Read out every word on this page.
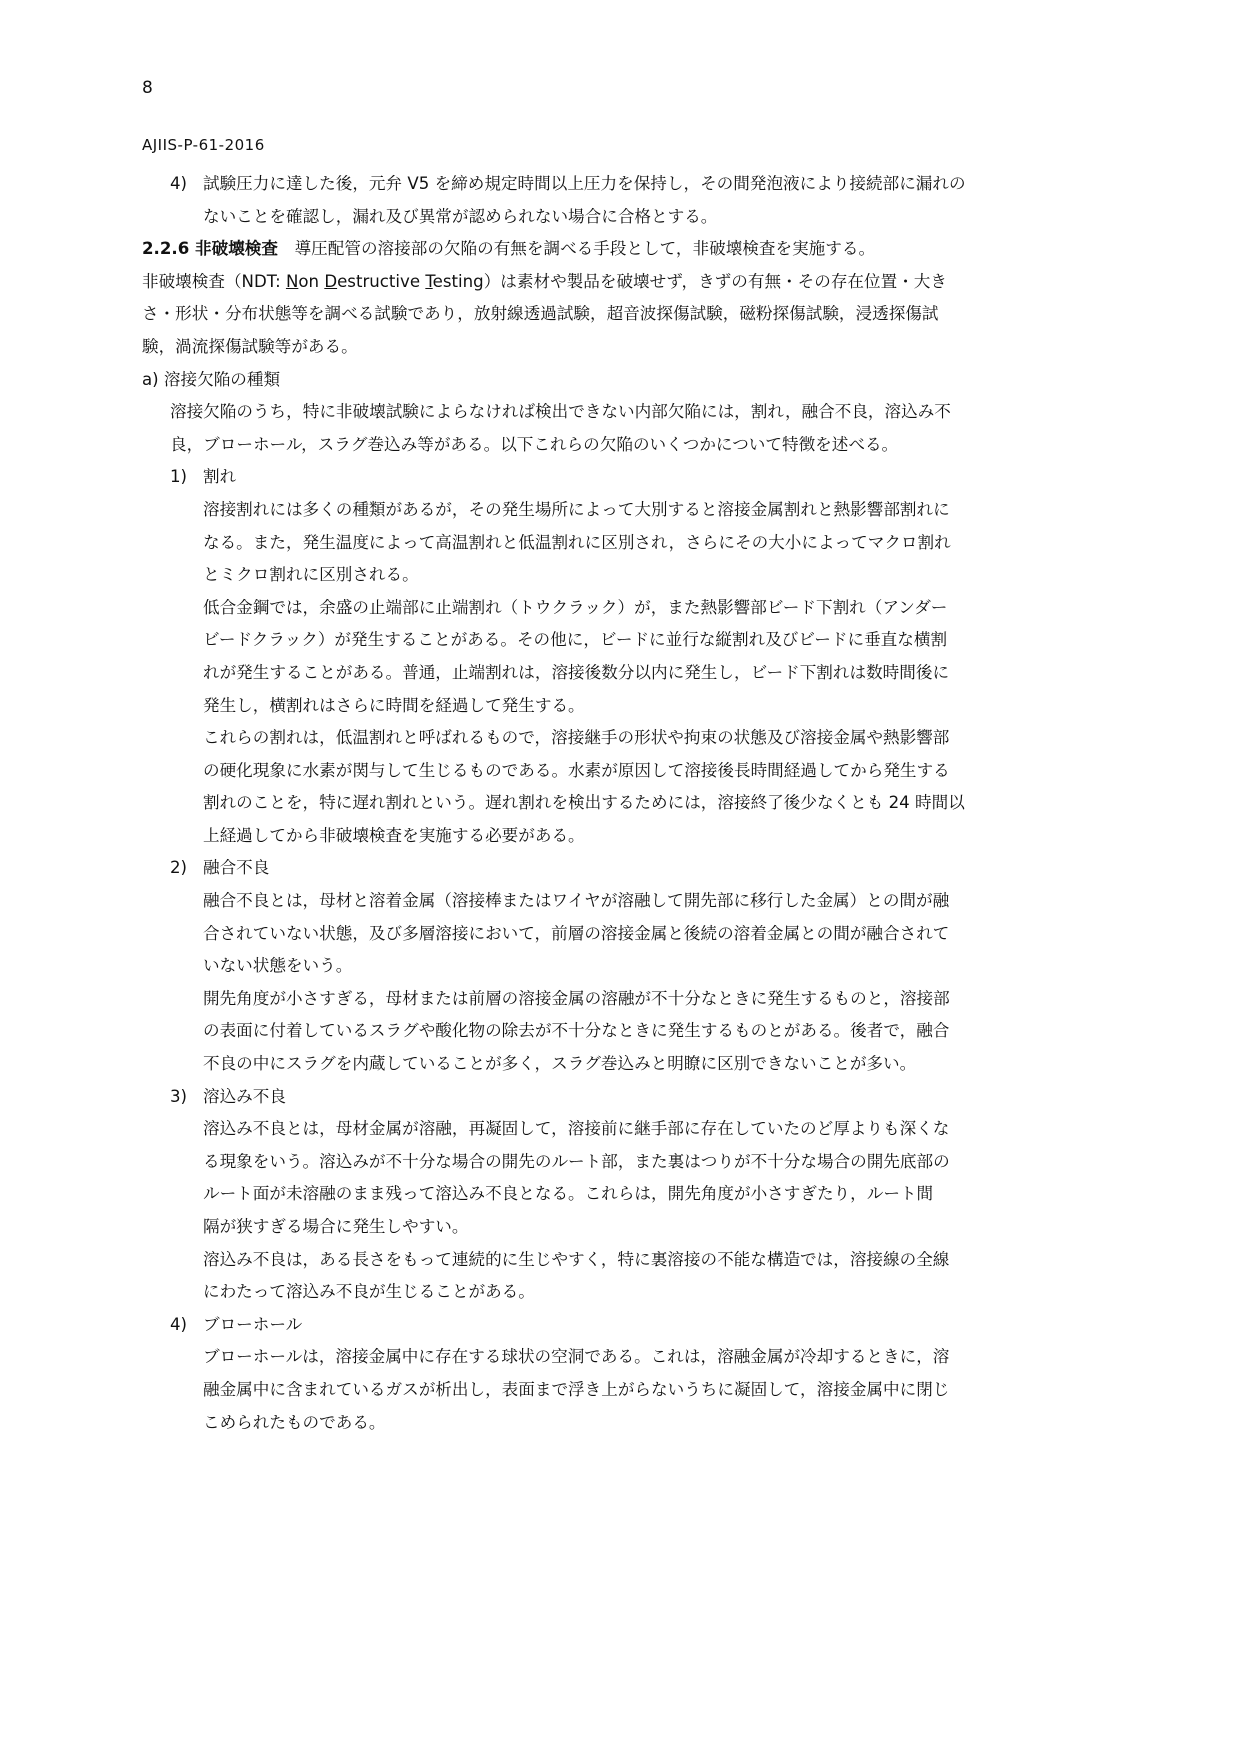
8
AJIIS-P-61-2016

4) 試験圧力に達した後，元弁 V5 を締め規定時間以上圧力を保持し，その間発泡液により接続部に漏れの

ないことを確認し，漏れ及び異常が認められない場合に合格とする。

2.2.6 非破壊検査　導圧配管の溶接部の欠陥の有無を調べる手段として，非破壊検査を実施する。

非破壊検査（NDT: Non Destructive Testing）は素材や製品を破壊せず，きずの有無・その存在位置・大き

さ・形状・分布状態等を調べる試験であり，放射線透過試験，超音波探傷試験，磁粉探傷試験，浸透探傷試

験，渦流探傷試験等がある。

a) 溶接欠陥の種類

溶接欠陥のうち，特に非破壊試験によらなければ検出できない内部欠陥には，割れ，融合不良，溶込み不

良，ブローホール，スラグ巻込み等がある。以下これらの欠陥のいくつかについて特徴を述べる。

1) 割れ

溶接割れには多くの種類があるが，その発生場所によって大別すると溶接金属割れと熱影響部割れに

なる。また，発生温度によって高温割れと低温割れに区別され，さらにその大小によってマクロ割れ

とミクロ割れに区別される。

低合金鋼では，余盛の止端部に止端割れ（トウクラック）が，また熱影響部ビード下割れ（アンダー

ビードクラック）が発生することがある。その他に，ビードに並行な縦割れ及びビードに垂直な横割

れが発生することがある。普通，止端割れは，溶接後数分以内に発生し，ビード下割れは数時間後に

発生し，横割れはさらに時間を経過して発生する。

これらの割れは，低温割れと呼ばれるもので，溶接継手の形状や拘束の状態及び溶接金属や熱影響部

の硬化現象に水素が関与して生じるものである。水素が原因して溶接後長時間経過してから発生する

割れのことを，特に遅れ割れという。遅れ割れを検出するためには，溶接終了後少なくとも 24 時間以

上経過してから非破壊検査を実施する必要がある。

2) 融合不良

融合不良とは，母材と溶着金属（溶接棒またはワイヤが溶融して開先部に移行した金属）との間が融

合されていない状態，及び多層溶接において，前層の溶接金属と後続の溶着金属との間が融合されて

いない状態をいう。

開先角度が小さすぎる，母材または前層の溶接金属の溶融が不十分なときに発生するものと，溶接部

の表面に付着しているスラグや酸化物の除去が不十分なときに発生するものとがある。後者で，融合

不良の中にスラグを内蔵していることが多く，スラグ巻込みと明瞭に区別できないことが多い。

3) 溶込み不良

溶込み不良とは，母材金属が溶融，再凝固して，溶接前に継手部に存在していたのど厚よりも深くな

る現象をいう。溶込みが不十分な場合の開先のルート部，また裏はつりが不十分な場合の開先底部の

ルート面が未溶融のまま残って溶込み不良となる。これらは，開先角度が小さすぎたり，ルート間

隔が狭すぎる場合に発生しやすい。

溶込み不良は，ある長さをもって連続的に生じやすく，特に裏溶接の不能な構造では，溶接線の全線

にわたって溶込み不良が生じることがある。

4) ブローホール

ブローホールは，溶接金属中に存在する球状の空洞である。これは，溶融金属が冷却するときに，溶

融金属中に含まれているガスが析出し，表面まで浮き上がらないうちに凝固して，溶接金属中に閉じ

こめられたものである。
